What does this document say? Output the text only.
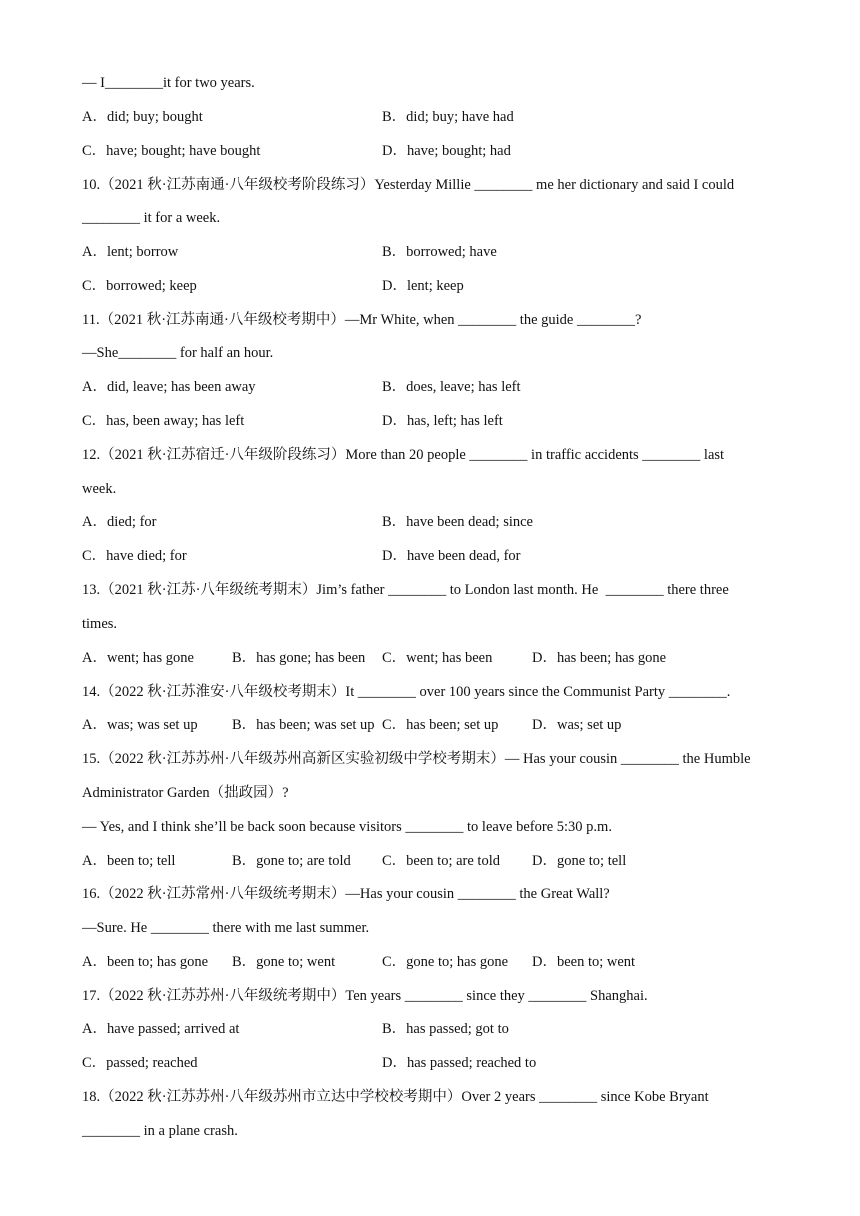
— I________it for two years.
A．did; buy; bought	B．did; buy; have had
C．have; bought; have bought	D．have; bought; had
10.（2021 秋·江苏南通·八年级校考阶段练习）Yesterday Millie ________ me her dictionary and said I could
________ it for a week.
A．lent; borrow	B．borrowed; have
C．borrowed; keep	D．lent; keep
11.（2021 秋·江苏南通·八年级校考期中）—Mr White, when ________ the guide ________?
—She________ for half an hour.
A．did, leave; has been away	B．does, leave; has left
C．has, been away; has left	D．has, left; has left
12.（2021 秋·江苏宿迁·八年级阶段练习）More than 20 people ________ in traffic accidents ________ last
week.
A．died; for	B．have been dead; since
C．have died; for	D．have been dead, for
13.（2021 秋·江苏·八年级统考期末）Jim’s father ________ to London last month. He  ________ there three
times.
A．went; has gone	B．has gone; has been C．went; has been	D．has been; has gone
14.（2022 秋·江苏淮安·八年级校考期末）It ________ over 100 years since the Communist Party ________.
A．was; was set up B．has been; was set up C．has been; set up D．was; set up
15.（2022 秋·江苏苏州·八年级苏州高新区实验初级中学校考期末）— Has your cousin ________ the Humble
Administrator Garden（拙政园）?
— Yes, and I think she’ll be back soon because visitors ________ to leave before 5:30 p.m.
A．been to; tell	B．gone to; are told C．been to; are told D．gone to; tell
16.（2022 秋·江苏常州·八年级统考期末）—Has your cousin ________ the Great Wall?
—Sure. He ________ there with me last summer.
A．been to; has gone B．gone to; went	C．gone to; has gone D．been to; went
17.（2022 秋·江苏苏州·八年级统考期中）Ten years ________ since they ________ Shanghai.
A．have passed; arrived at	B．has passed; got to
C．passed; reached	D．has passed; reached to
18.（2022 秋·江苏苏州·八年级苏州市立达中学校校考期中）Over 2 years ________ since Kobe Bryant
________ in a plane crash.
